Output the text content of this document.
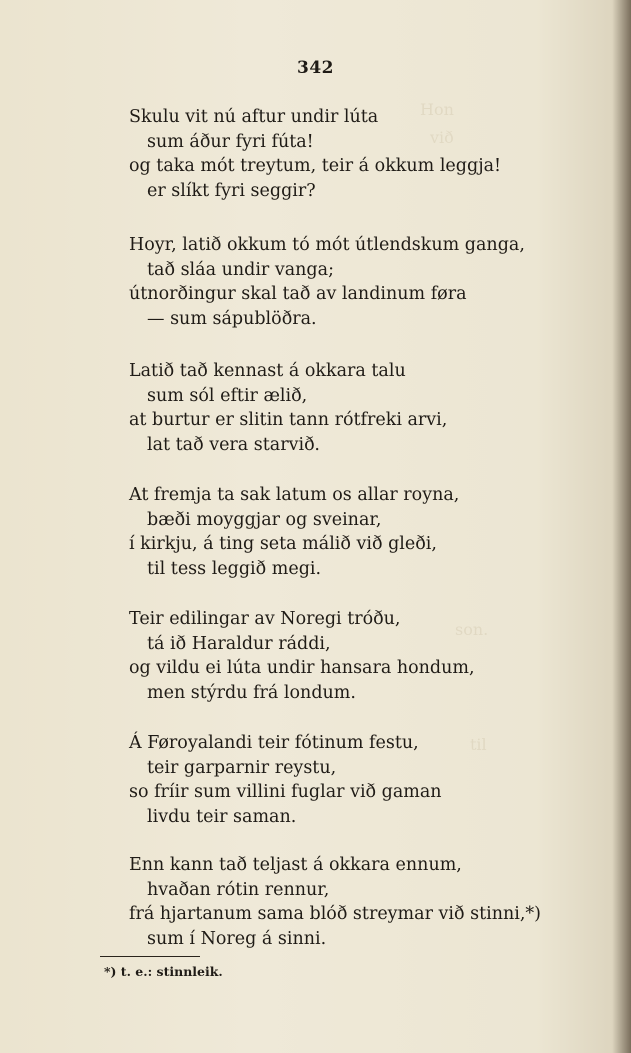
Hon
við
son.
til
342
Skulu vit nú aftur undir lúta
sum áður fyri fúta!
og taka mót treytum, teir á okkum leggja!
er slíkt fyri seggir?
Hoyr, latið okkum tó mót útlendskum ganga,
tað sláa undir vanga;
útnorðingur skal tað av landinum føra
— sum sápublöðra.
Latið tað kennast á okkara talu
sum sól eftir ælið,
at burtur er slitin tann rótfreki arvi,
lat tað vera starvið.
At fremja ta sak latum os allar royna,
bæði moyggjar og sveinar,
í kirkju, á ting seta málið við gleði,
til tess leggið megi.
Teir edilingar av Noregi tróðu,
tá ið Haraldur ráddi,
og vildu ei lúta undir hansara hondum,
men stýrdu frá londum.
Á Føroyalandi teir fótinum festu,
teir garparnir reystu,
so fríir sum villini fuglar við gaman
livdu teir saman.
Enn kann tað teljast á okkara ennum,
hvaðan rótin rennur,
frá hjartanum sama blóð streymar við stinni,*)
sum í Noreg á sinni.
*) t. e.: stinnleik.
